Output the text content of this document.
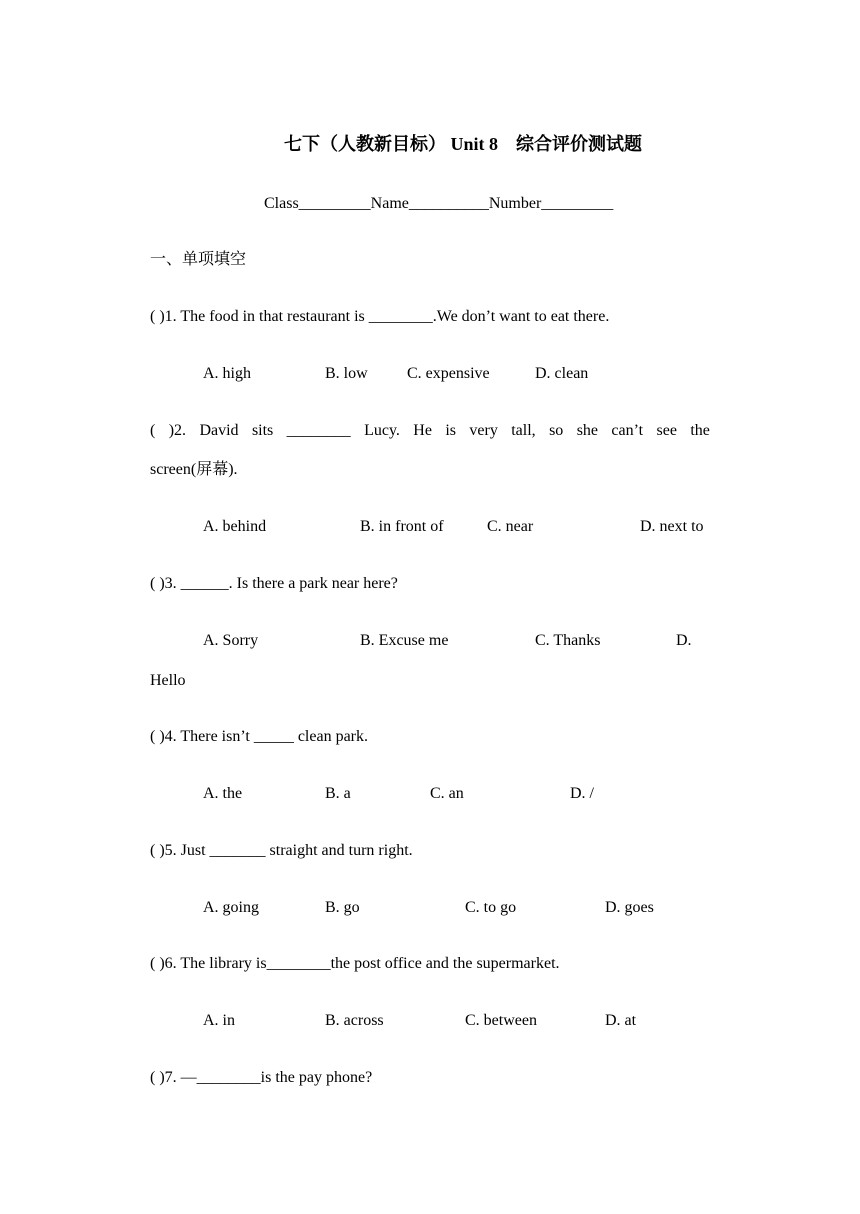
七下（人教新目标） Unit 8　综合评价测试题
Class_________Name__________Number_________
一、单项填空
( )1. The food in that restaurant is ________.We don’t want to eat there.
A. high	B. low C. expensive	D. clean
( )2. David sits ________ Lucy. He is very tall, so she can’t see the
screen(屏幕).
A. behind	B. in front of	C. near	D. next to
( )3. ______. Is there a park near here?
A. Sorry	B. Excuse me	C. Thanks	D.
Hello
( )4. There isn’t _____ clean park.
A. the	B. a	C. an	D. /
( )5. Just _______ straight and turn right.
A. going	B. go	C. to go	D. goes
( )6. The library is________the post office and the supermarket.
A. in	B. across	C. between	D. at
( )7. —________is the pay phone?
